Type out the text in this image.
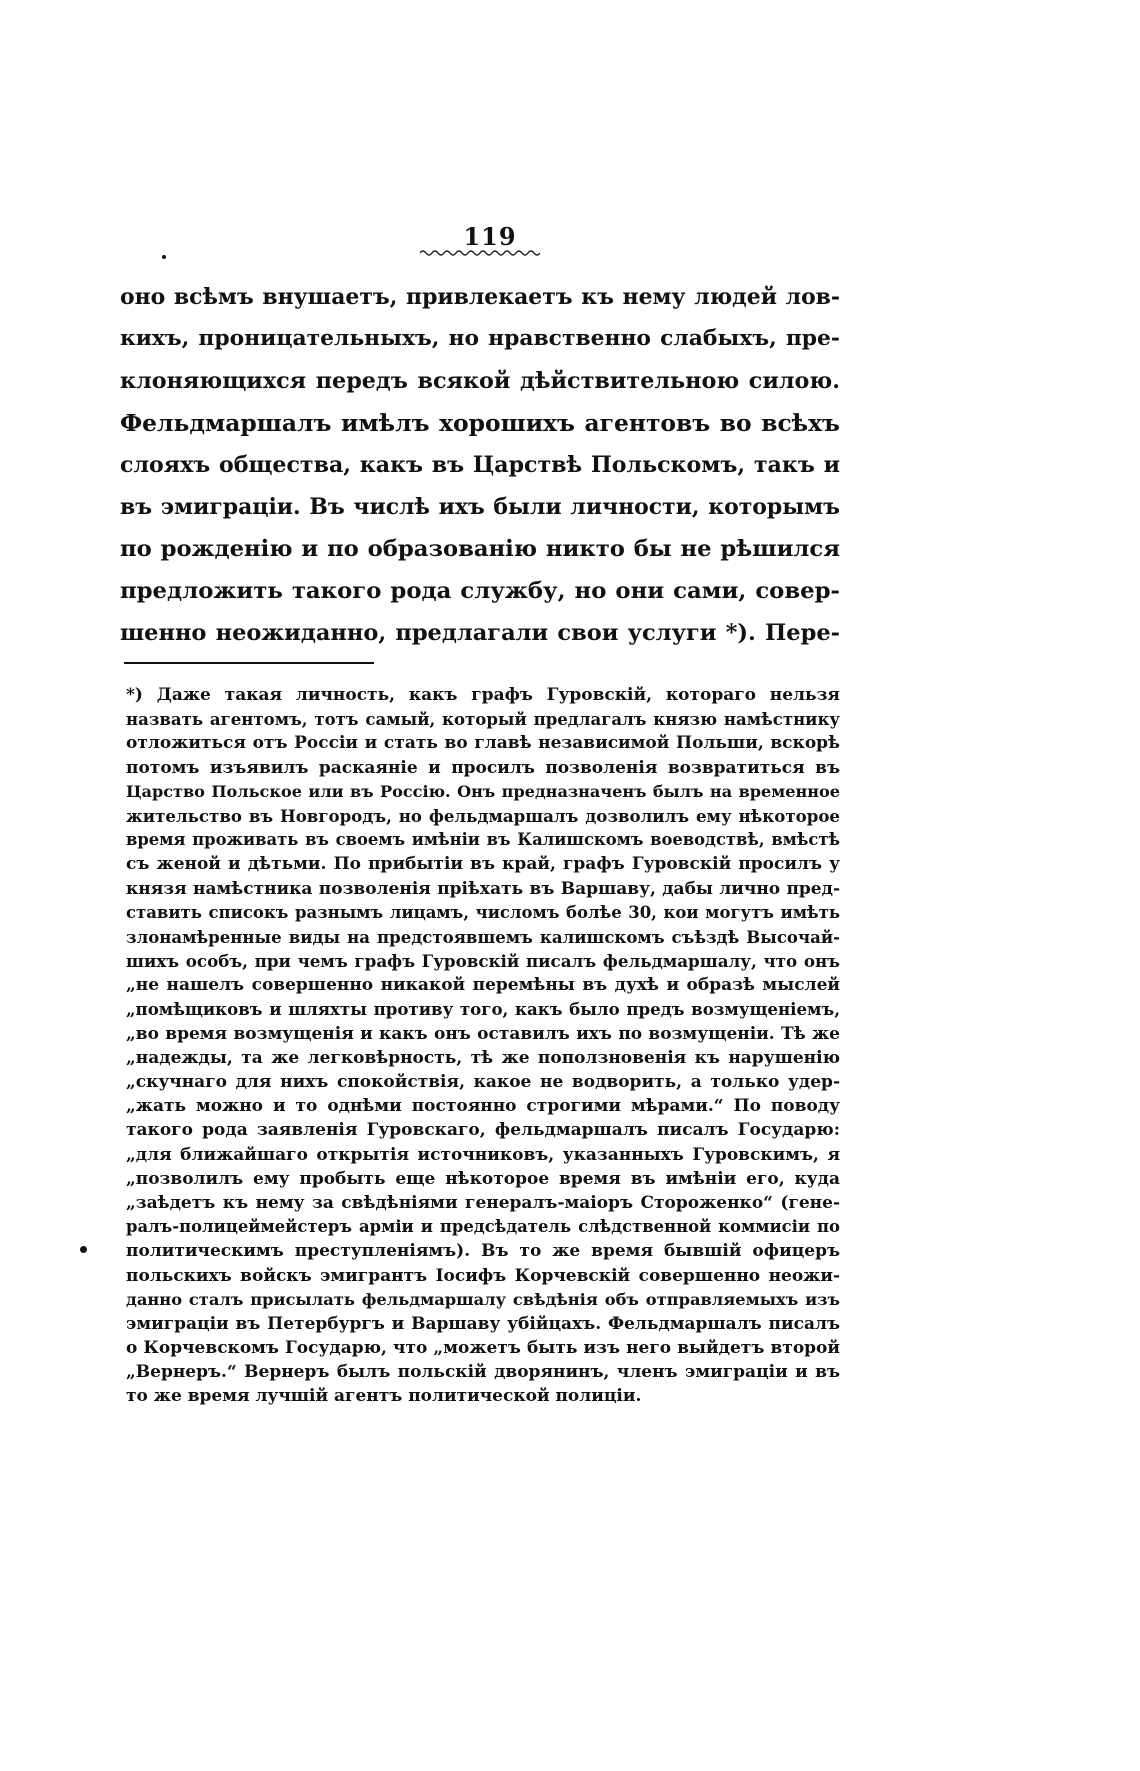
119
оно всѣмъ внушаетъ, привлекаетъ къ нему людей лов-
кихъ, проницательныхъ, но нравственно слабыхъ, пре-
клоняющихся передъ всякой дѣйствительною силою.
Фельдмаршалъ имѣлъ хорошихъ агентовъ во всѣхъ
слояхъ общества, какъ въ Царствѣ Польскомъ, такъ и
въ эмиграціи. Въ числѣ ихъ были личности, которымъ
по рожденію и по образованію никто бы не рѣшился
предложить такого рода службу, но они сами, совер-
шенно неожиданно, предлагали свои услуги *). Пере-
*) Даже такая личность, какъ графъ Гуровскій, котораго нельзя
назвать агентомъ, тотъ самый, который предлагалъ князю намѣстнику
отложиться отъ Россіи и стать во главѣ независимой Польши, вскорѣ
потомъ изъявилъ раскаяніе и просилъ позволенія возвратиться въ
Царство Польское или въ Россію. Онъ предназначенъ былъ на временное
жительство въ Новгородъ, но фельдмаршалъ дозволилъ ему нѣкоторое
время проживать въ своемъ имѣніи въ Калишскомъ воеводствѣ, вмѣстѣ
съ женой и дѣтьми. По прибытіи въ край, графъ Гуровскій просилъ у
князя намѣстника позволенія пріѣхать въ Варшаву, дабы лично пред-
ставить списокъ разнымъ лицамъ, числомъ болѣе 30, кои могутъ имѣть
злонамѣренные виды на предстоявшемъ калишскомъ съѣздѣ Высочай-
шихъ особъ, при чемъ графъ Гуровскій писалъ фельдмаршалу, что онъ
„не нашелъ совершенно никакой перемѣны въ духѣ и образѣ мыслей
„помѣщиковъ и шляхты противу того, какъ было предъ возмущеніемъ,
„во время возмущенія и какъ онъ оставилъ ихъ по возмущеніи. Тѣ же
„надежды, та же легковѣрность, тѣ же поползновенія къ нарушенію
„скучнаго для нихъ спокойствія, какое не водворить, а только удер-
„жать можно и то однѣми постоянно строгими мѣрами.“ По поводу
такого рода заявленія Гуровскаго, фельдмаршалъ писалъ Государю:
„для ближайшаго открытія источниковъ, указанныхъ Гуровскимъ, я
„позволилъ ему пробыть еще нѣкоторое время въ имѣніи его, куда
„заѣдетъ къ нему за свѣдѣніями генералъ-маіоръ Стороженко“ (гене-
ралъ-полицеймейстеръ арміи и предсѣдатель слѣдственной коммисіи по
политическимъ преступленіямъ). Въ то же время бывшій офицеръ
польскихъ войскъ эмигрантъ Іосифъ Корчевскій совершенно неожи-
данно сталъ присылать фельдмаршалу свѣдѣнія объ отправляемыхъ изъ
эмиграціи въ Петербургъ и Варшаву убійцахъ. Фельдмаршалъ писалъ
о Корчевскомъ Государю, что „можетъ быть изъ него выйдетъ второй
„Вернеръ.“ Вернеръ былъ польскій дворянинъ, членъ эмиграціи и въ
то же время лучшій агентъ политической полиціи.
